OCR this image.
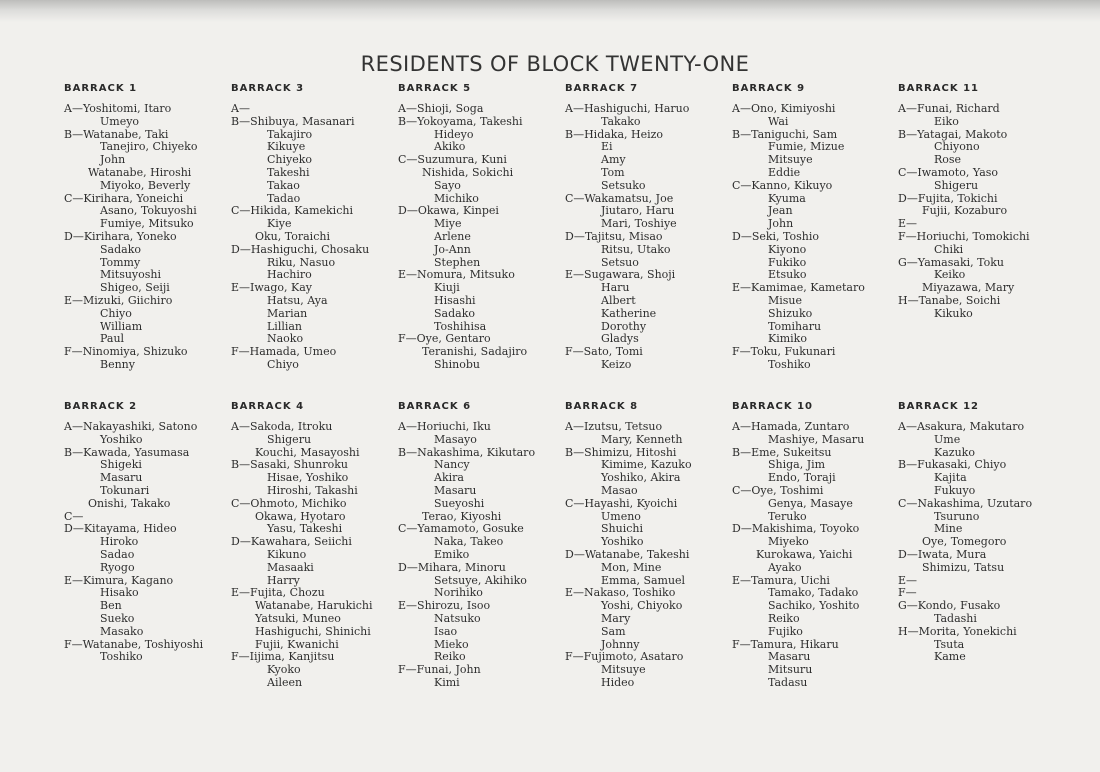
RESIDENTS OF BLOCK TWENTY-ONE
BARRACK 1
A—Yoshitomi, Itaro
Umeyo
B—Watanabe, Taki
Tanejiro, Chiyeko
John
Watanabe, Hiroshi
Miyoko, Beverly
C—Kirihara, Yoneichi
Asano, Tokuyoshi
Fumiye, Mitsuko
D—Kirihara, Yoneko
Sadako
Tommy
Mitsuyoshi
Shigeo, Seiji
E—Mizuki, Giichiro
Chiyo
William
Paul
F—Ninomiya, Shizuko
Benny
BARRACK 3
A—
B—Shibuya, Masanari
Takajiro
Kikuye
Chiyeko
Takeshi
Takao
Tadao
C—Hikida, Kamekichi
Kiye
Oku, Toraichi
D—Hashiguchi, Chosaku
Riku, Nasuo
Hachiro
E—Iwago, Kay
Hatsu, Aya
Marian
Lillian
Naoko
F—Hamada, Umeo
Chiyo
BARRACK 5
A—Shioji, Soga
B—Yokoyama, Takeshi
Hideyo
Akiko
C—Suzumura, Kuni
Nishida, Sokichi
Sayo
Michiko
D—Okawa, Kinpei
Miye
Arlene
Jo-Ann
Stephen
E—Nomura, Mitsuko
Kiuji
Hisashi
Sadako
Toshihisa
F—Oye, Gentaro
Teranishi, Sadajiro
Shinobu
BARRACK 7
A—Hashiguchi, Haruo
Takako
B—Hidaka, Heizo
Ei
Amy
Tom
Setsuko
C—Wakamatsu, Joe
Jiutaro, Haru
Mari, Toshiye
D—Tajitsu, Misao
Ritsu, Utako
Setsuo
E—Sugawara, Shoji
Haru
Albert
Katherine
Dorothy
Gladys
F—Sato, Tomi
Keizo
BARRACK 9
A—Ono, Kimiyoshi
Wai
B—Taniguchi, Sam
Fumie, Mizue
Mitsuye
Eddie
C—Kanno, Kikuyo
Kyuma
Jean
John
D—Seki, Toshio
Kiyono
Fukiko
Etsuko
E—Kamimae, Kametaro
Misue
Shizuko
Tomiharu
Kimiko
F—Toku, Fukunari
Toshiko
BARRACK 11
A—Funai, Richard
Eiko
B—Yatagai, Makoto
Chiyono
Rose
C—Iwamoto, Yaso
Shigeru
D—Fujita, Tokichi
Fujii, Kozaburo
E—
F—Horiuchi, Tomokichi
Chiki
G—Yamasaki, Toku
Keiko
Miyazawa, Mary
H—Tanabe, Soichi
Kikuko
BARRACK 2
A—Nakayashiki, Satono
Yoshiko
B—Kawada, Yasumasa
Shigeki
Masaru
Tokunari
Onishi, Takako
C—
D—Kitayama, Hideo
Hiroko
Sadao
Ryogo
E—Kimura, Kagano
Hisako
Ben
Sueko
Masako
F—Watanabe, Toshiyoshi
Toshiko
BARRACK 4
A—Sakoda, Itroku
Shigeru
Kouchi, Masayoshi
B—Sasaki, Shunroku
Hisae, Yoshiko
Hiroshi, Takashi
C—Ohmoto, Michiko
Okawa, Hyotaro
Yasu, Takeshi
D—Kawahara, Seiichi
Kikuno
Masaaki
Harry
E—Fujita, Chozu
Watanabe, Harukichi
Yatsuki, Muneo
Hashiguchi, Shinichi
Fujii, Kwanichi
F—Iijima, Kanjitsu
Kyoko
Aileen
BARRACK 6
A—Horiuchi, Iku
Masayo
B—Nakashima, Kikutaro
Nancy
Akira
Masaru
Sueyoshi
Terao, Kiyoshi
C—Yamamoto, Gosuke
Naka, Takeo
Emiko
D—Mihara, Minoru
Setsuye, Akihiko
Norihiko
E—Shirozu, Isoo
Natsuko
Isao
Mieko
Reiko
F—Funai, John
Kimi
BARRACK 8
A—Izutsu, Tetsuo
Mary, Kenneth
B—Shimizu, Hitoshi
Kimime, Kazuko
Yoshiko, Akira
Masao
C—Hayashi, Kyoichi
Umeno
Shuichi
Yoshiko
D—Watanabe, Takeshi
Mon, Mine
Emma, Samuel
E—Nakaso, Toshiko
Yoshi, Chiyoko
Mary
Sam
Johnny
F—Fujimoto, Asataro
Mitsuye
Hideo
BARRACK 10
A—Hamada, Zuntaro
Mashiye, Masaru
B—Eme, Sukeitsu
Shiga, Jim
Endo, Toraji
C—Oye, Toshimi
Genya, Masaye
Teruko
D—Makishima, Toyoko
Miyeko
Kurokawa, Yaichi
Ayako
E—Tamura, Uichi
Tamako, Tadako
Sachiko, Yoshito
Reiko
Fujiko
F—Tamura, Hikaru
Masaru
Mitsuru
Tadasu
BARRACK 12
A—Asakura, Makutaro
Ume
Kazuko
B—Fukasaki, Chiyo
Kajita
Fukuyo
C—Nakashima, Uzutaro
Tsuruno
Mine
Oye, Tomegoro
D—Iwata, Mura
Shimizu, Tatsu
E—
F—
G—Kondo, Fusako
Tadashi
H—Morita, Yonekichi
Tsuta
Kame
